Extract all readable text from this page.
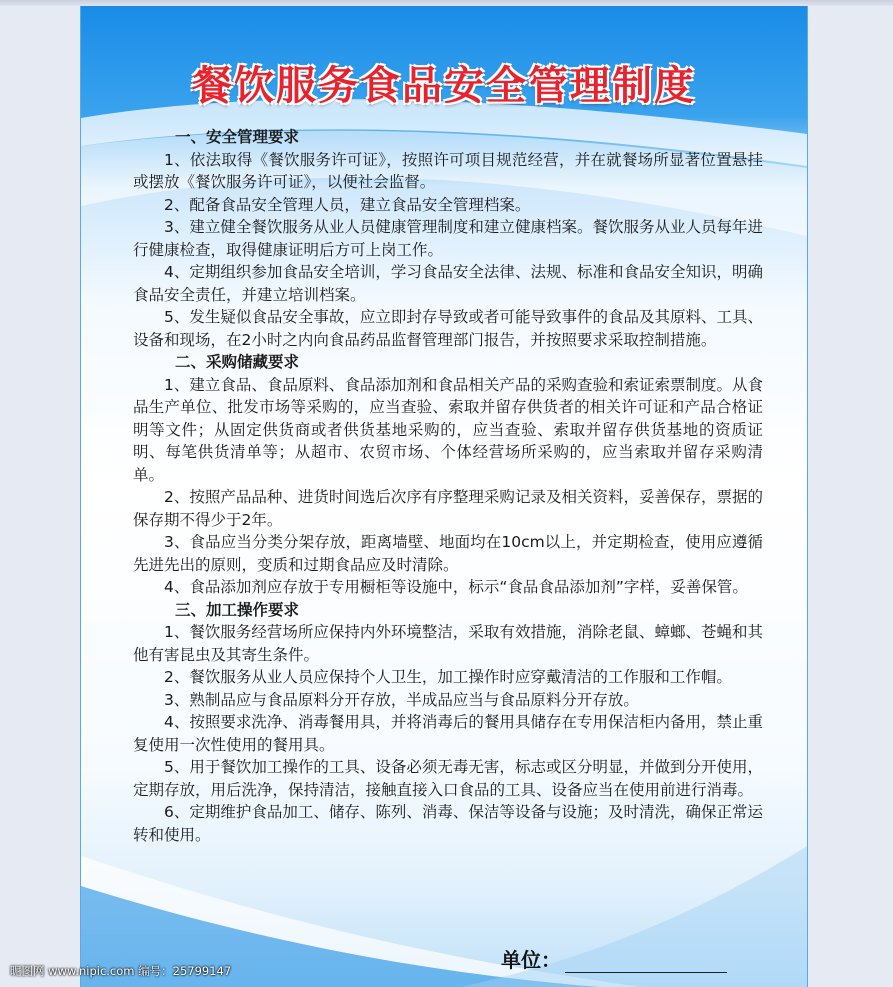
餐饮服务食品安全管理制度
一、安全管理要求

1、依法取得《餐饮服务许可证》，按照许可项目规范经营，并在就餐场所显著位置悬挂或摆放《餐饮服务许可证》，以便社会监督。

2、配备食品安全管理人员，建立食品安全管理档案。

3、建立健全餐饮服务从业人员健康管理制度和建立健康档案。餐饮服务从业人员每年进行健康检查，取得健康证明后方可上岗工作。

4、定期组织参加食品安全培训，学习食品安全法律、法规、标准和食品安全知识，明确食品安全责任，并建立培训档案。

5、发生疑似食品安全事故，应立即封存导致或者可能导致事件的食品及其原料、工具、设备和现场，在2小时之内向食品药品监督管理部门报告，并按照要求采取控制措施。

二、采购储藏要求

1、建立食品、食品原料、食品添加剂和食品相关产品的采购查验和索证索票制度。从食品生产单位、批发市场等采购的，应当查验、索取并留存供货者的相关许可证和产品合格证明等文件；从固定供货商或者供货基地采购的，应当查验、索取并留存供货基地的资质证明、每笔供货清单等；从超市、农贸市场、个体经营场所采购的，应当索取并留存采购清单。

2、按照产品品种、进货时间选后次序有序整理采购记录及相关资料，妥善保存，票据的保存期不得少于2年。

3、食品应当分类分架存放，距离墙壁、地面均在10cm以上，并定期检查，使用应遵循先进先出的原则，变质和过期食品应及时清除。

4、食品添加剂应存放于专用橱柜等设施中，标示“食品食品添加剂”字样，妥善保管。

三、加工操作要求

1、餐饮服务经营场所应保持内外环境整洁，采取有效措施，消除老鼠、蟑螂、苍蝇和其他有害昆虫及其寄生条件。

2、餐饮服务从业人员应保持个人卫生，加工操作时应穿戴清洁的工作服和工作帽。

3、熟制品应与食品原料分开存放，半成品应当与食品原料分开存放。

4、按照要求洗净、消毒餐用具，并将消毒后的餐用具储存在专用保洁柜内备用，禁止重复使用一次性使用的餐用具。

5、用于餐饮加工操作的工具、设备必须无毒无害，标志或区分明显，并做到分开使用，定期存放，用后洗净，保持清洁，接触直接入口食品的工具、设备应当在使用前进行消毒。

6、定期维护食品加工、储存、陈列、消毒、保洁等设备与设施；及时清洗，确保正常运转和使用。

单位：
昵图网 www.nipic.com 编号：25799147
